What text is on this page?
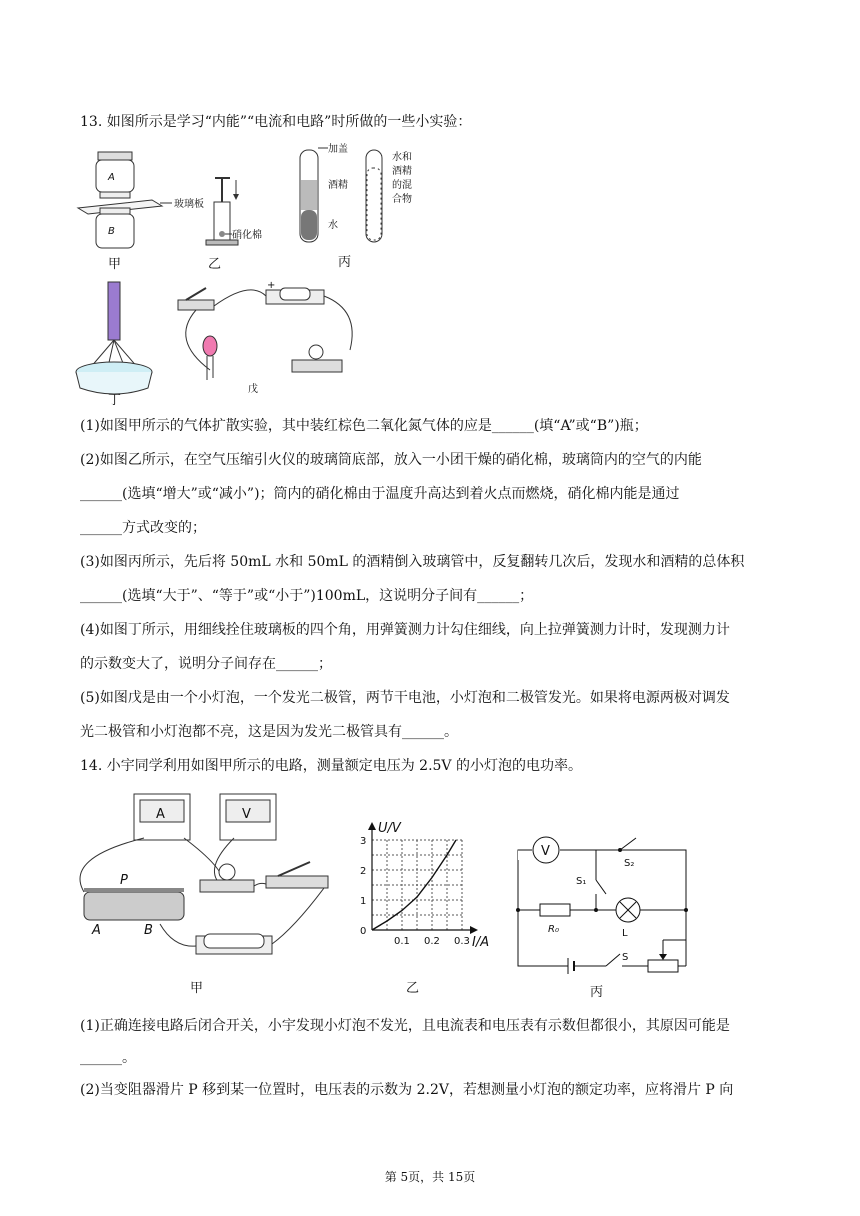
13. 如图所示是学习“内能”“电流和电路”时所做的一些小实验：
A
B
玻璃板
甲
硝化棉
乙
加盖
酒精
水
水和
酒精
的混
合物
丙
丁
+
戊
(1)如图甲所示的气体扩散实验，其中装红棕色二氧化氮气体的应是______(填“A”或“B”)瓶；
(2)如图乙所示，在空气压缩引火仪的玻璃筒底部，放入一小团干燥的硝化棉，玻璃筒内的空气的内能
______(选填“增大”或“减小”)；筒内的硝化棉由于温度升高达到着火点而燃烧，硝化棉内能是通过
______方式改变的；
(3)如图丙所示，先后将 50mL 水和 50mL 的酒精倒入玻璃管中，反复翻转几次后，发现水和酒精的总体积
______(选填“大于”、“等于”或“小于”)100mL，这说明分子间有______；
(4)如图丁所示，用细线拴住玻璃板的四个角，用弹簧测力计勾住细线，向上拉弹簧测力计时，发现测力计
的示数变大了，说明分子间存在______；
(5)如图戊是由一个小灯泡，一个发光二极管，两节干电池，小灯泡和二极管发光。如果将电源两极对调发
光二极管和小灯泡都不亮，这是因为发光二极管具有______。
14. 小宇同学利用如图甲所示的电路，测量额定电压为 2.5V 的小灯泡的电功率。
A	V
P
A	B
甲
U/V
I/A
0.1 0.2 0.3
0
1
2
3
乙
V
S₂
S₁
R₀	L
S
丙
(1)正确连接电路后闭合开关，小宇发现小灯泡不发光，且电流表和电压表有示数但都很小，其原因可能是
______。
(2)当变阻器滑片 P 移到某一位置时，电压表的示数为 2.2V，若想测量小灯泡的额定功率，应将滑片 P 向
第 5页，共 15页
